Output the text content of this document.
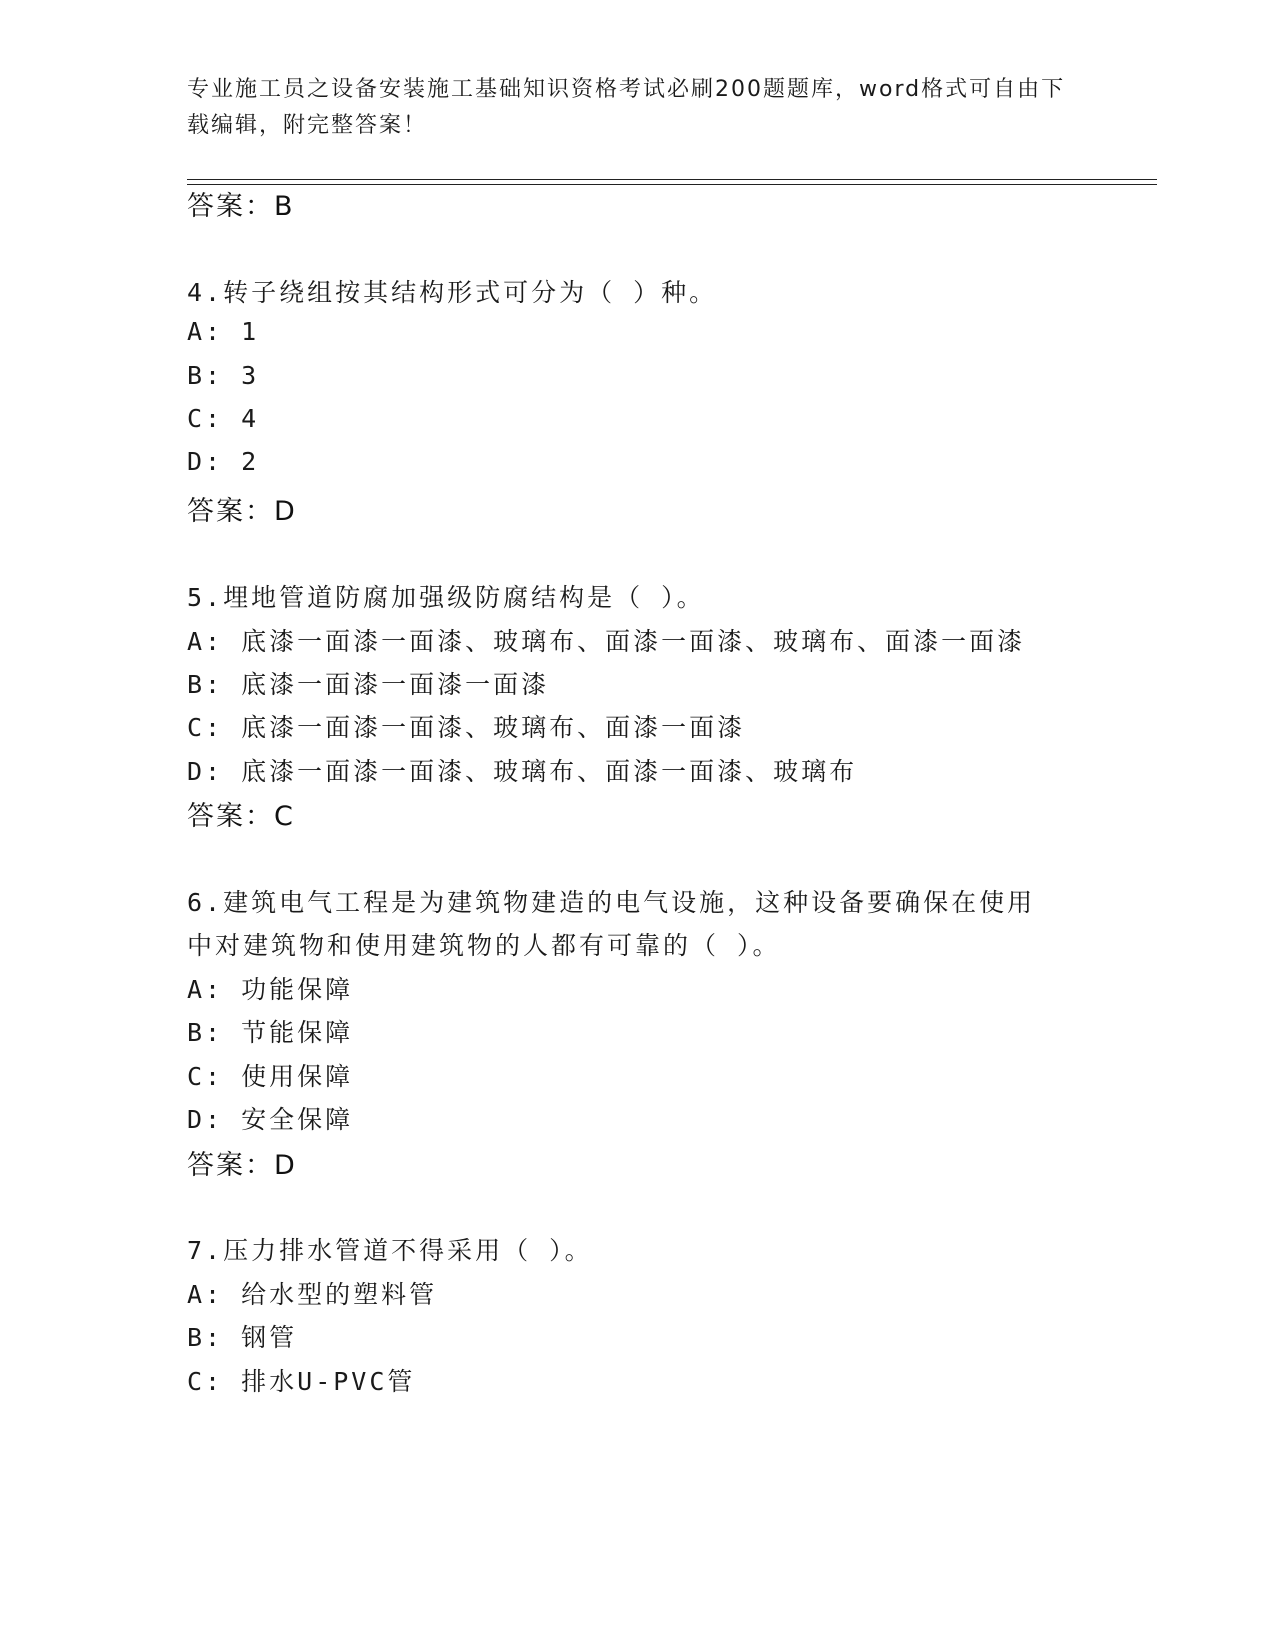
专业施工员之设备安装施工基础知识资格考试必刷200题题库，word格式可自由下载编辑，附完整答案！
答案：B
4.转子绕组按其结构形式可分为（ ）种。
A: 1
B: 3
C: 4
D: 2
答案：D
5.埋地管道防腐加强级防腐结构是（ ）。
A: 底漆一面漆一面漆、玻璃布、面漆一面漆、玻璃布、面漆一面漆
B: 底漆一面漆一面漆一面漆
C: 底漆一面漆一面漆、玻璃布、面漆一面漆
D: 底漆一面漆一面漆、玻璃布、面漆一面漆、玻璃布
答案：C
6.建筑电气工程是为建筑物建造的电气设施，这种设备要确保在使用
中对建筑物和使用建筑物的人都有可靠的（ ）。
A: 功能保障
B: 节能保障
C: 使用保障
D: 安全保障
答案：D
7.压力排水管道不得采用（ ）。
A: 给水型的塑料管
B: 钢管
C: 排水U-PVC管
